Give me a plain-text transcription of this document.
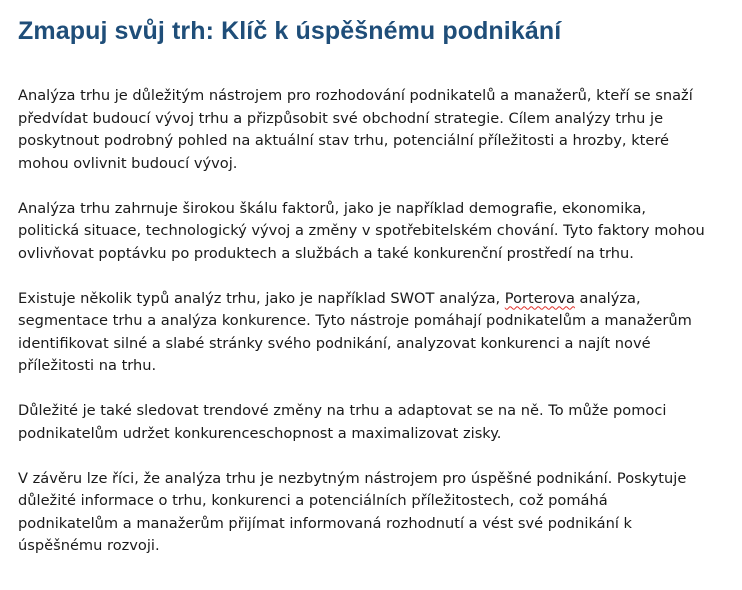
Zmapuj svůj trh: Klíč k úspěšnému podnikání

Analýza trhu je důležitým nástrojem pro rozhodování podnikatelů a manažerů, kteří se snaží
předvídat budoucí vývoj trhu a přizpůsobit své obchodní strategie. Cílem analýzy trhu je
poskytnout podrobný pohled na aktuální stav trhu, potenciální příležitosti a hrozby, které
mohou ovlivnit budoucí vývoj.

Analýza trhu zahrnuje širokou škálu faktorů, jako je například demografie, ekonomika,
politická situace, technologický vývoj a změny v spotřebitelském chování. Tyto faktory mohou
ovlivňovat poptávku po produktech a službách a také konkurenční prostředí na trhu.

Existuje několik typů analýz trhu, jako je například SWOT analýza, Porterova analýza,
segmentace trhu a analýza konkurence. Tyto nástroje pomáhají podnikatelům a manažerům
identifikovat silné a slabé stránky svého podnikání, analyzovat konkurenci a najít nové
příležitosti na trhu.

Důležité je také sledovat trendové změny na trhu a adaptovat se na ně. To může pomoci
podnikatelům udržet konkurenceschopnost a maximalizovat zisky.

V závěru lze říci, že analýza trhu je nezbytným nástrojem pro úspěšné podnikání. Poskytuje
důležité informace o trhu, konkurenci a potenciálních příležitostech, což pomáhá
podnikatelům a manažerům přijímat informovaná rozhodnutí a vést své podnikání k
úspěšnému rozvoji.
